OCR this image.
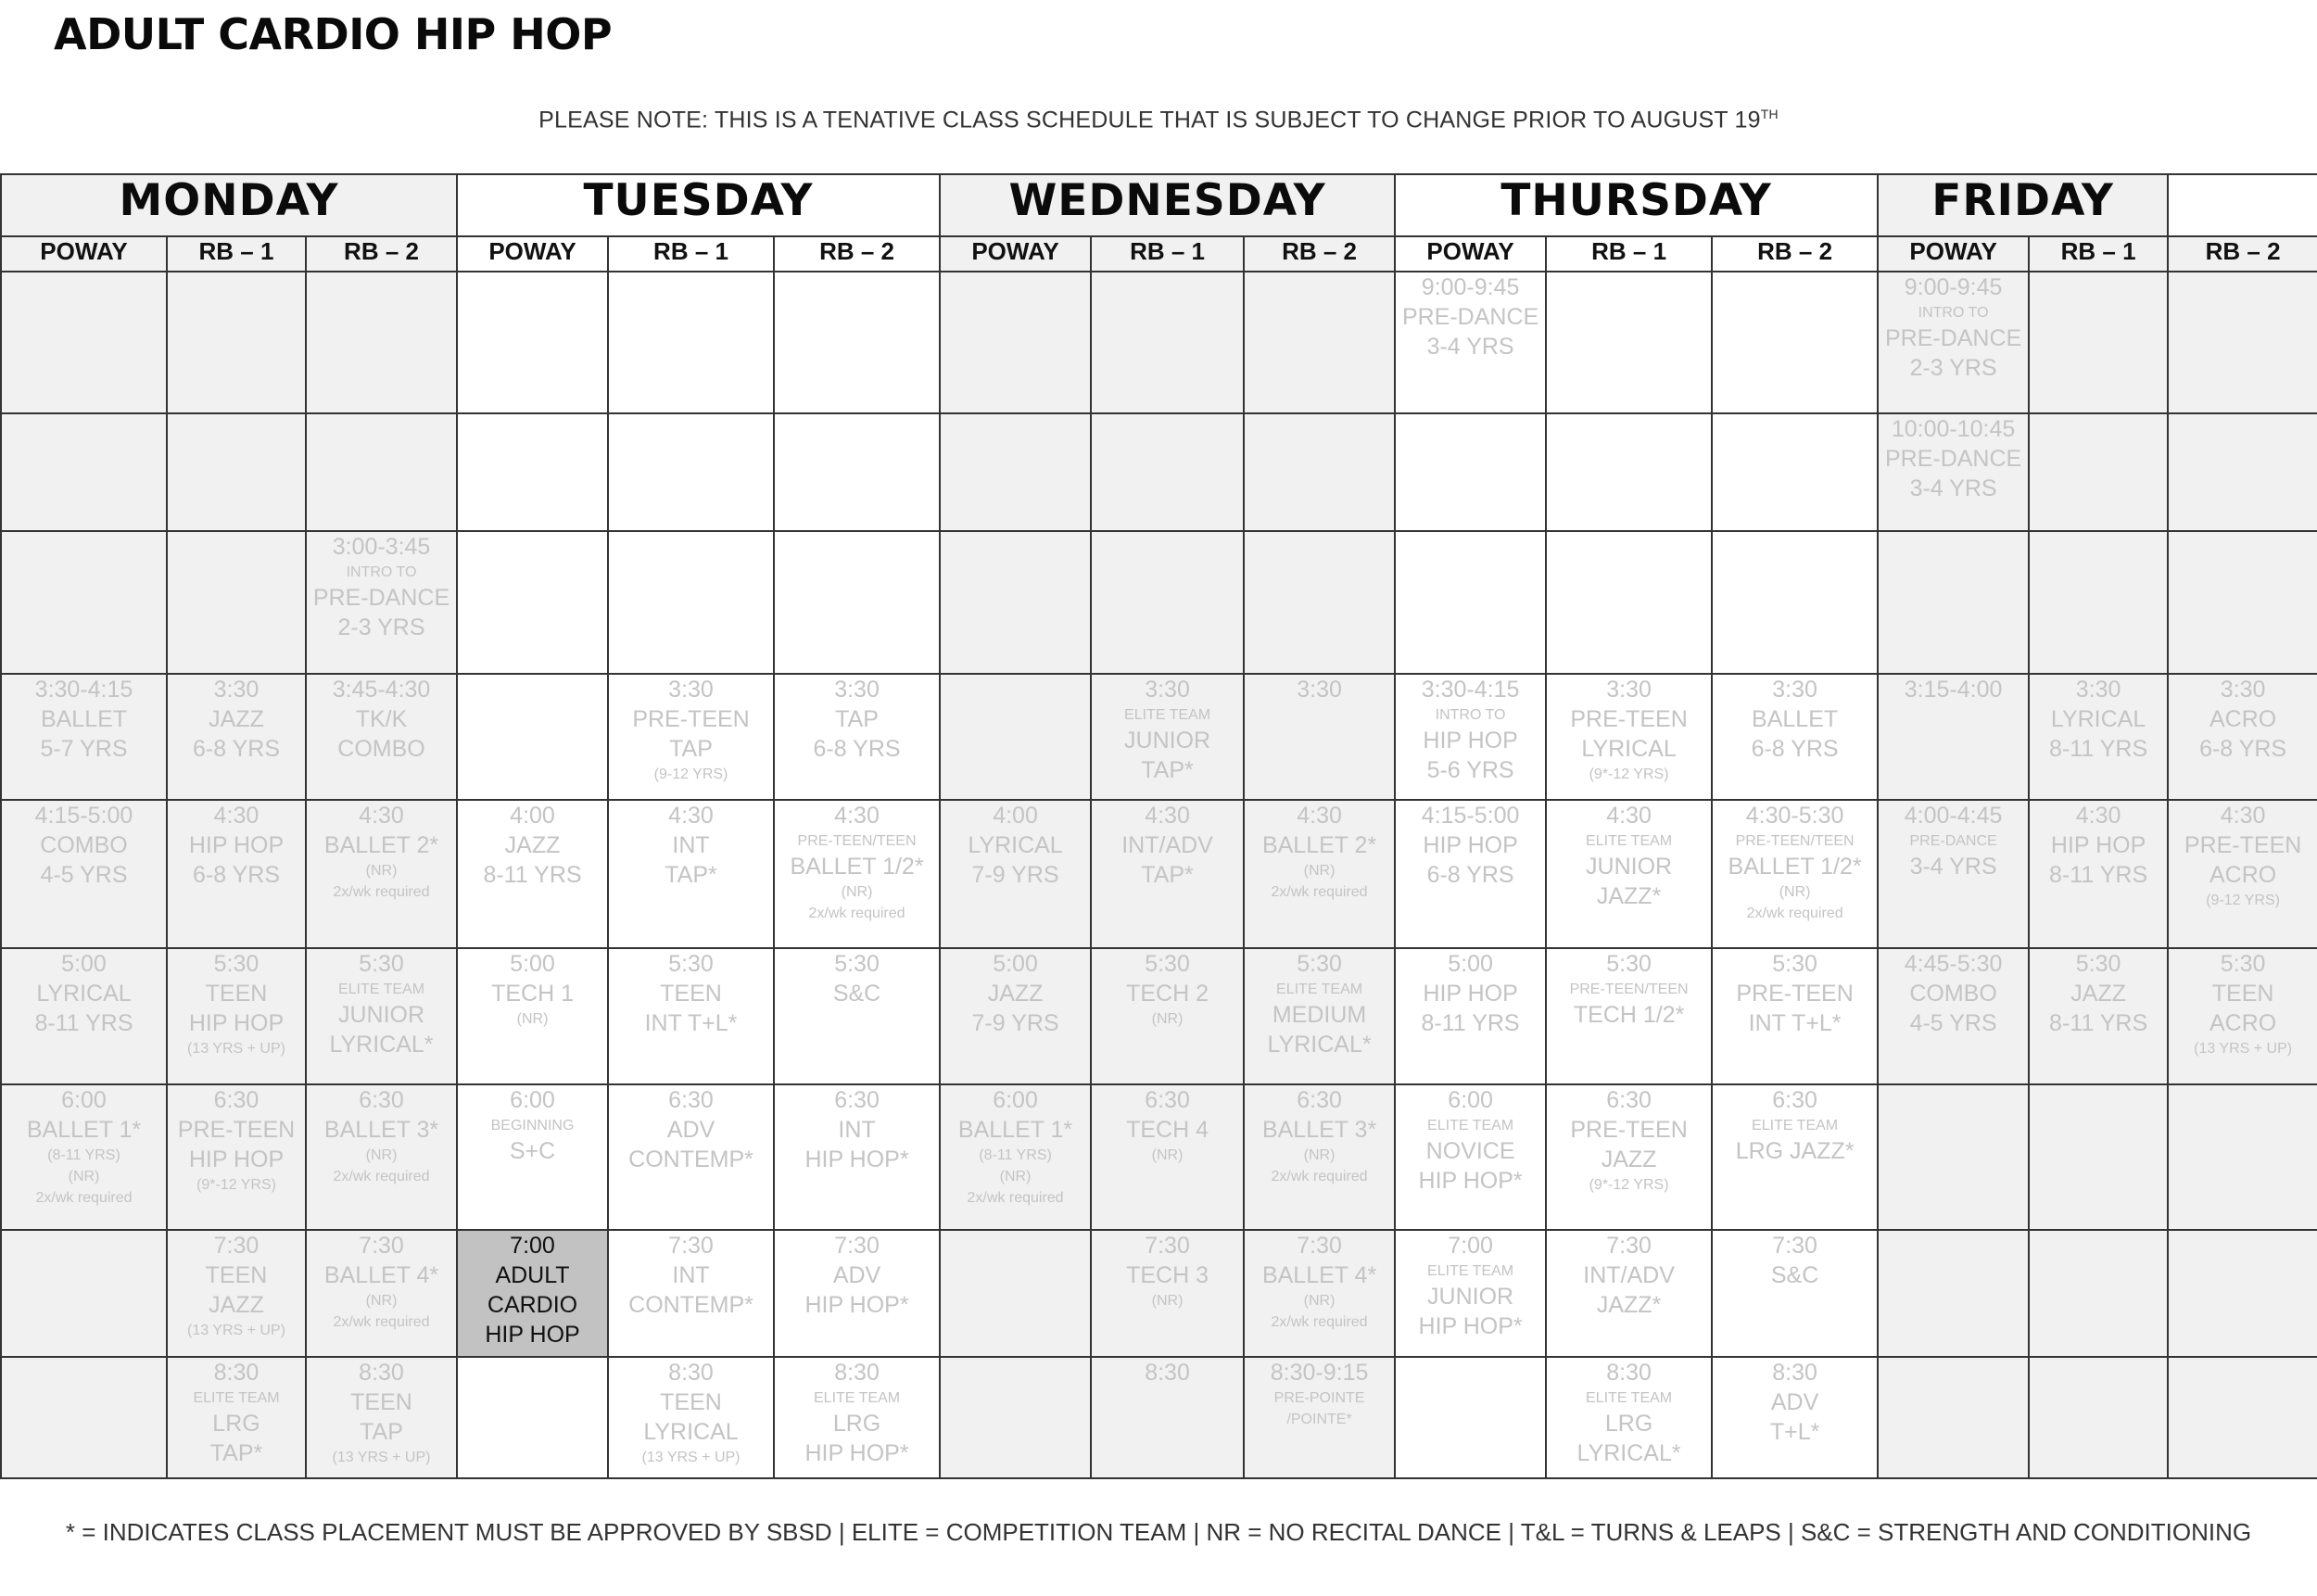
ADULT CARDIO HIP HOP
PLEASE NOTE: THIS IS A TENATIVE CLASS SCHEDULE THAT IS SUBJECT TO CHANGE PRIOR TO AUGUST 19TH
MONDAY			TUESDAY			WEDNESDAY			THURSDAY			FRIDAY		
POWAY	RB – 1	RB – 2	POWAY	RB – 1	RB – 2	POWAY	RB – 1	RB – 2	POWAY	RB – 1	RB – 2	POWAY	RB – 1	RB – 2

									9:00-9:45
PRE-DANCE
3-4 YRS			9:00-9:45
INTRO TO
PRE-DANCE
2-3 YRS		

												10:00-10:45
PRE-DANCE
3-4 YRS		

		3:00-3:45
INTRO TO
PRE-DANCE
2-3 YRS												

3:30-4:15
BALLET
5-7 YRS	3:30
JAZZ
6-8 YRS	3:45-4:30
TK/K
COMBO		3:30
PRE-TEEN
TAP
(9-12 YRS)	3:30
TAP
6-8 YRS		3:30
ELITE TEAM
JUNIOR
TAP*	3:30	3:30-4:15
INTRO TO
HIP HOP
5-6 YRS	3:30
PRE-TEEN
LYRICAL
(9*-12 YRS)	3:30
BALLET
6-8 YRS	3:15-4:00	3:30
LYRICAL
8-11 YRS	3:30
ACRO
6-8 YRS

4:15-5:00
COMBO
4-5 YRS	4:30
HIP HOP
6-8 YRS	4:30
BALLET 2*
(NR)
2x/wk required	4:00
JAZZ
8-11 YRS	4:30
INT
TAP*	4:30
PRE-TEEN/TEEN
BALLET 1/2*
(NR)
2x/wk required	4:00
LYRICAL
7-9 YRS	4:30
INT/ADV
TAP*	4:30
BALLET 2*
(NR)
2x/wk required	4:15-5:00
HIP HOP
6-8 YRS	4:30
ELITE TEAM
JUNIOR
JAZZ*	4:30-5:30
PRE-TEEN/TEEN
BALLET 1/2*
(NR)
2x/wk required	4:00-4:45
PRE-DANCE
3-4 YRS	4:30
HIP HOP
8-11 YRS	4:30
PRE-TEEN
ACRO
(9-12 YRS)

5:00
LYRICAL
8-11 YRS	5:30
TEEN
HIP HOP
(13 YRS + UP)	5:30
ELITE TEAM
JUNIOR
LYRICAL*	5:00
TECH 1
(NR)	5:30
TEEN
INT T+L*	5:30
S&C	5:00
JAZZ
7-9 YRS	5:30
TECH 2
(NR)	5:30
ELITE TEAM
MEDIUM
LYRICAL*	5:00
HIP HOP
8-11 YRS	5:30
PRE-TEEN/TEEN
TECH 1/2*	5:30
PRE-TEEN
INT T+L*	4:45-5:30
COMBO
4-5 YRS	5:30
JAZZ
8-11 YRS	5:30
TEEN
ACRO
(13 YRS + UP)

6:00
BALLET 1*
(8-11 YRS)
(NR)
2x/wk required	6:30
PRE-TEEN
HIP HOP
(9*-12 YRS)	6:30
BALLET 3*
(NR)
2x/wk required	6:00
BEGINNING
S+C	6:30
ADV
CONTEMP*	6:30
INT
HIP HOP*	6:00
BALLET 1*
(8-11 YRS)
(NR)
2x/wk required	6:30
TECH 4
(NR)	6:30
BALLET 3*
(NR)
2x/wk required	6:00
ELITE TEAM
NOVICE
HIP HOP*	6:30
PRE-TEEN
JAZZ
(9*-12 YRS)	6:30
ELITE TEAM
LRG JAZZ*			

	7:30
TEEN
JAZZ
(13 YRS + UP)	7:30
BALLET 4*
(NR)
2x/wk required	7:00
ADULT
CARDIO
HIP HOP	7:30
INT
CONTEMP*	7:30
ADV
HIP HOP*		7:30
TECH 3
(NR)	7:30
BALLET 4*
(NR)
2x/wk required	7:00
ELITE TEAM
JUNIOR
HIP HOP*	7:30
INT/ADV
JAZZ*	7:30
S&C			

	8:30
ELITE TEAM
LRG
TAP*	8:30
TEEN
TAP
(13 YRS + UP)		8:30
TEEN
LYRICAL
(13 YRS + UP)	8:30
ELITE TEAM
LRG
HIP HOP*		8:30	8:30-9:15
PRE-POINTE
/POINTE*		8:30
ELITE TEAM
LRG
LYRICAL*	8:30
ADV
T+L*			

* = INDICATES CLASS PLACEMENT MUST BE APPROVED BY SBSD | ELITE = COMPETITION TEAM | NR = NO RECITAL DANCE | T&L = TURNS & LEAPS | S&C = STRENGTH AND CONDITIONING
